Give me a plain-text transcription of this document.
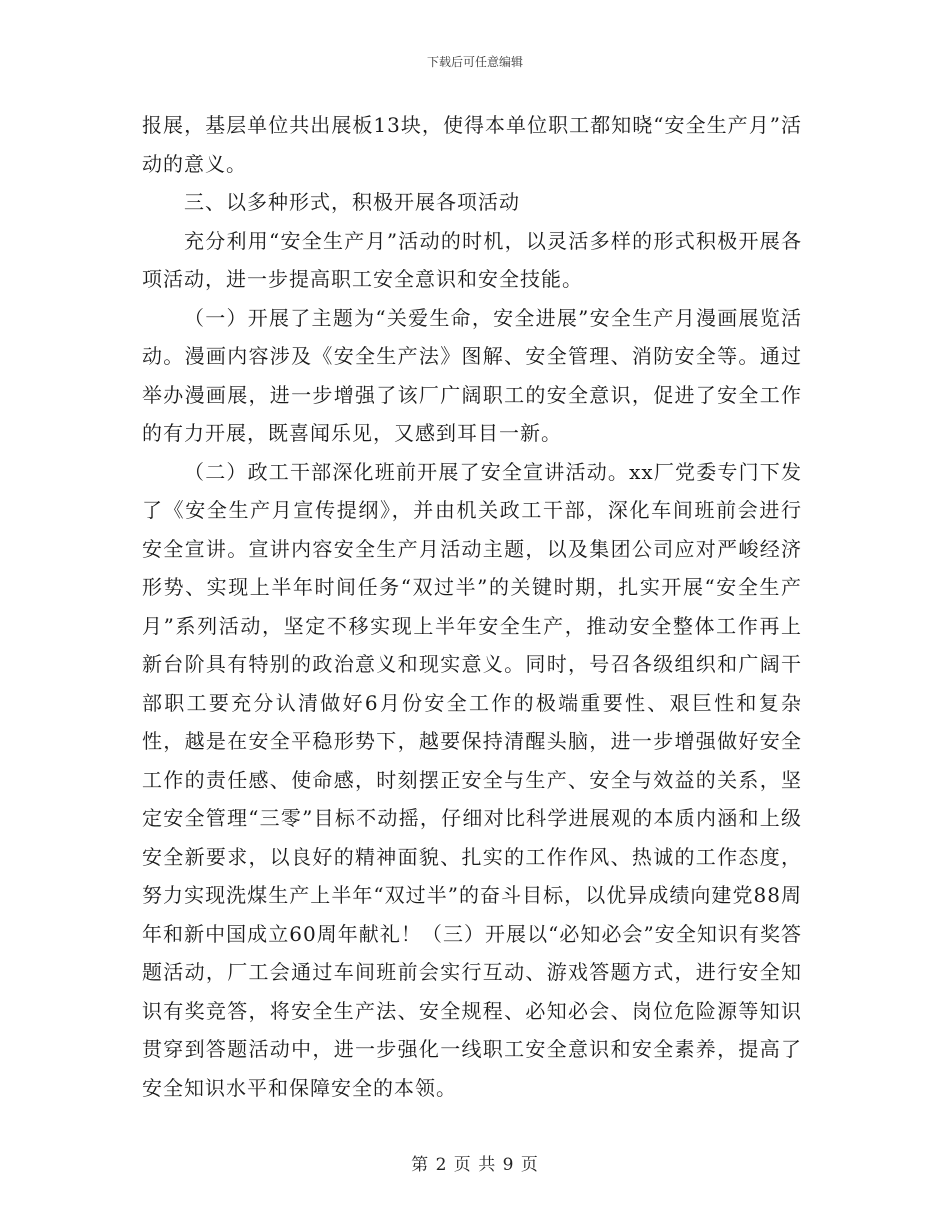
下载后可任意编辑

报展，基层单位共出展板13块，使得本单位职工都知晓“安全生产月”活动的意义。

三、以多种形式，积极开展各项活动

充分利用“安全生产月”活动的时机，以灵活多样的形式积极开展各项活动，进一步提高职工安全意识和安全技能。

（一）开展了主题为“关爱生命，安全进展”安全生产月漫画展览活动。漫画内容涉及《安全生产法》图解、安全管理、消防安全等。通过举办漫画展，进一步增强了该厂广阔职工的安全意识，促进了安全工作的有力开展，既喜闻乐见，又感到耳目一新。

（二）政工干部深化班前开展了安全宣讲活动。xx厂党委专门下发了《安全生产月宣传提纲》，并由机关政工干部，深化车间班前会进行安全宣讲。宣讲内容安全生产月活动主题，以及集团公司应对严峻经济形势、实现上半年时间任务“双过半”的关键时期，扎实开展“安全生产月”系列活动，坚定不移实现上半年安全生产，推动安全整体工作再上新台阶具有特别的政治意义和现实意义。同时，号召各级组织和广阔干部职工要充分认清做好6月份安全工作的极端重要性、艰巨性和复杂性，越是在安全平稳形势下，越要保持清醒头脑，进一步增强做好安全工作的责任感、使命感，时刻摆正安全与生产、安全与效益的关系，坚定安全管理“三零”目标不动摇，仔细对比科学进展观的本质内涵和上级安全新要求，以良好的精神面貌、扎实的工作作风、热诚的工作态度，努力实现洗煤生产上半年“双过半”的奋斗目标，以优异成绩向建党88周年和新中国成立60周年献礼！（三）开展以“必知必会”安全知识有奖答题活动，厂工会通过车间班前会实行互动、游戏答题方式，进行安全知识有奖竞答，将安全生产法、安全规程、必知必会、岗位危险源等知识贯穿到答题活动中，进一步强化一线职工安全意识和安全素养，提高了安全知识水平和保障安全的本领。

第 2 页 共 9 页
